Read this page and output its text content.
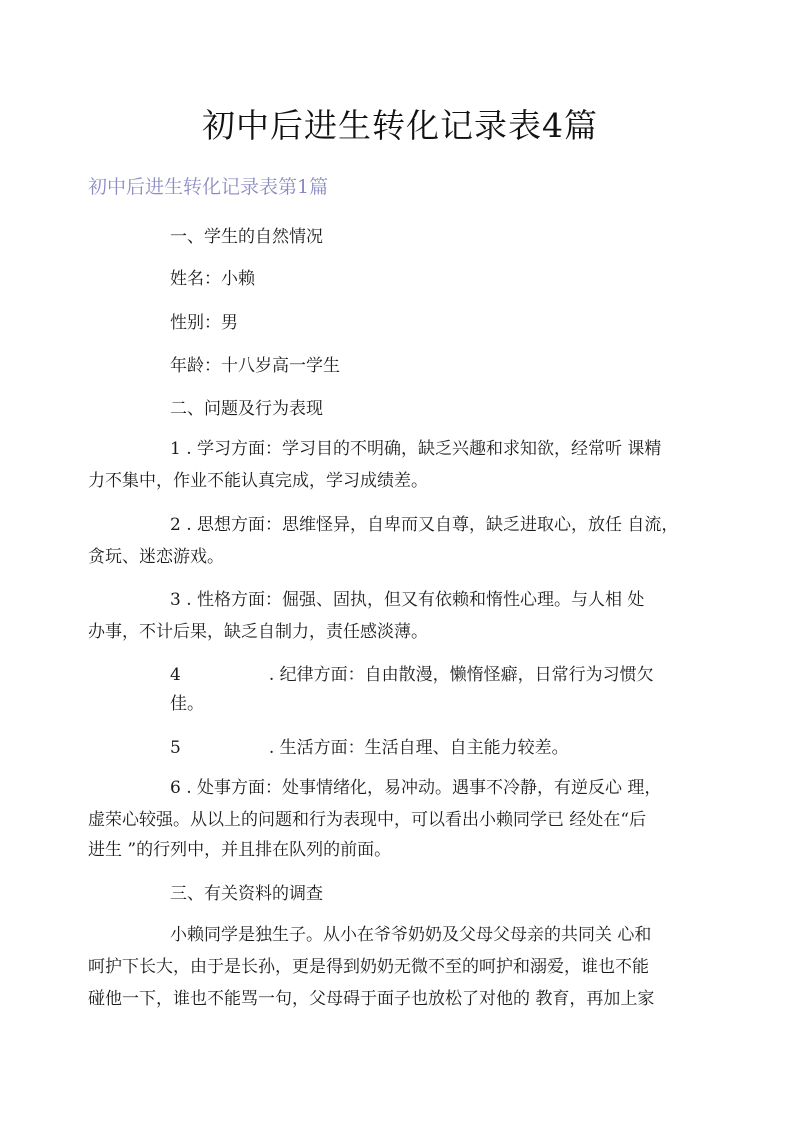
初中后进生转化记录表4篇
初中后进生转化记录表第1篇
一、学生的自然情况
姓名：小赖
性别：男
年龄：十八岁高一学生
二、问题及行为表现
1 . 学习方面：学习目的不明确，缺乏兴趣和求知欲，经常听 课精
力不集中，作业不能认真完成，学习成绩差。
2 . 思想方面：思维怪异，自卑而又自尊，缺乏进取心，放任 自流，
贪玩、迷恋游戏。
3 . 性格方面：倔强、固执，但又有依赖和惰性心理。与人相 处
办事，不计后果，缺乏自制力，责任感淡薄。
4	. 纪律方面：自由散漫，懒惰怪癖，日常行为习惯欠
佳。
5	. 生活方面：生活自理、自主能力较差。
6 . 处事方面：处事情绪化，易冲动。遇事不冷静，有逆反心 理，
虚荣心较强。从以上的问题和行为表现中，可以看出小赖同学已 经处在“后
进生 ”的行列中，并且排在队列的前面。
三、有关资料的调查
小赖同学是独生子。从小在爷爷奶奶及父母父母亲的共同关 心和
呵护下长大，由于是长孙，更是得到奶奶无微不至的呵护和溺爱，谁也不能
碰他一下，谁也不能骂一句，父母碍于面子也放松了对他的 教育，再加上家
